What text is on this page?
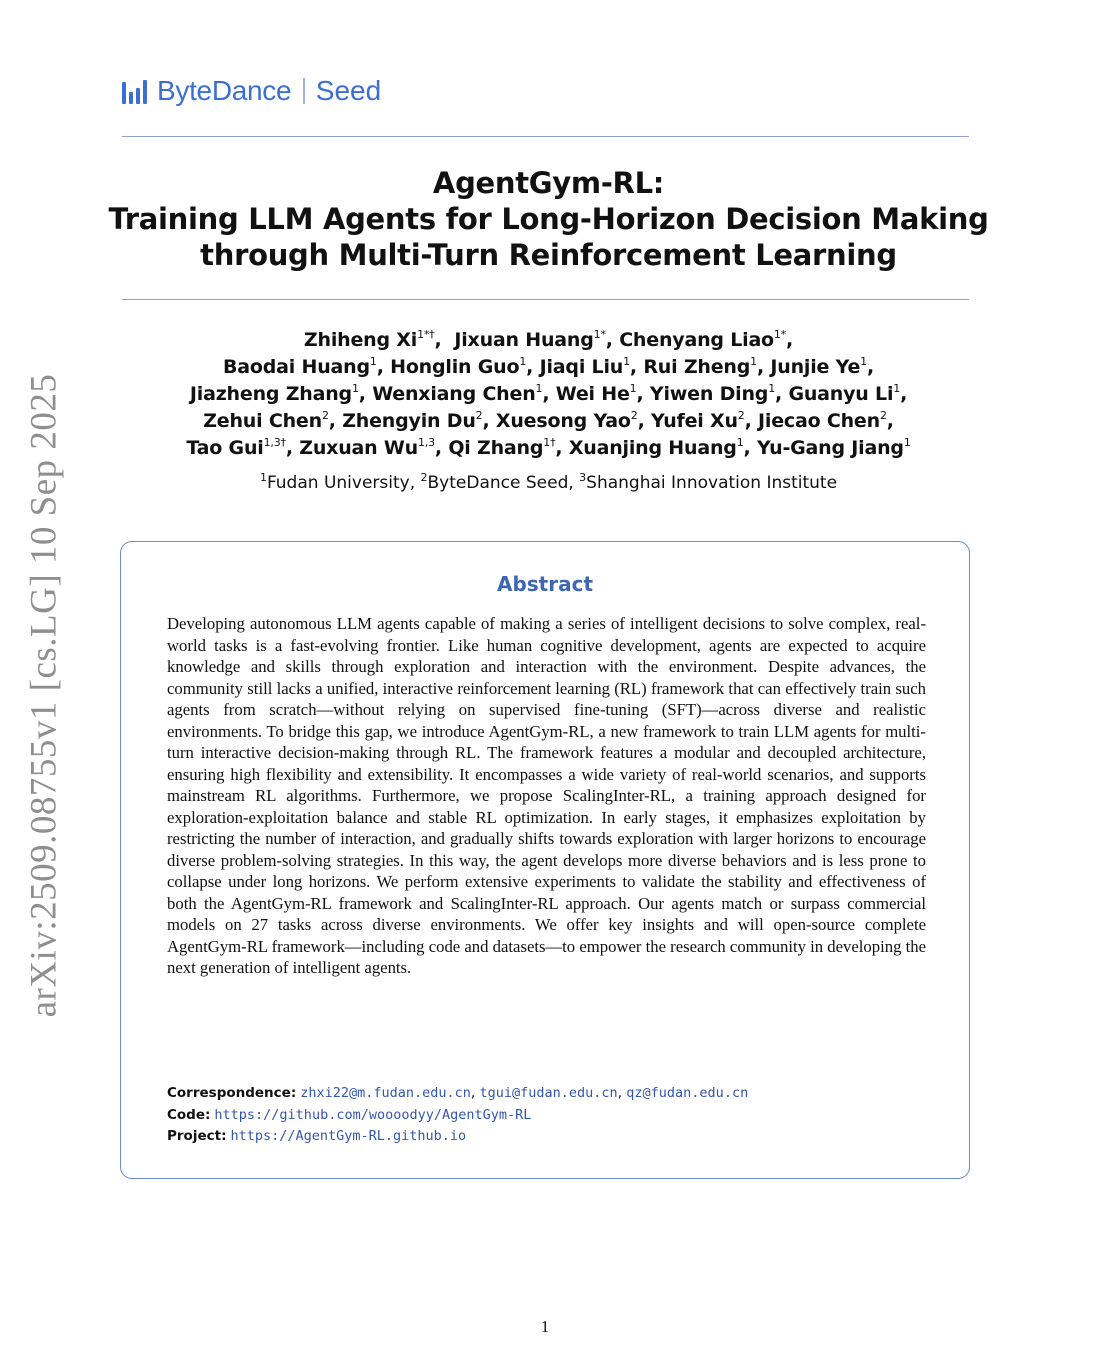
arXiv:2509.08755v1 [cs.LG] 10 Sep 2025
ByteDance Seed
AgentGym-RL:
Training LLM Agents for Long-Horizon Decision Making
through Multi-Turn Reinforcement Learning
Zhiheng $Xi^{1*\dagger}$,  Jixuan Huang$^{1*}$, Chenyang Liao$^{1*}$,
Baodai Huang$^1$, Honglin Guo$^1$, Jiaqi Liu$^1$, Rui Zheng$^1$, Junjie Ye$^1$,
Jiazheng Zhang$^1$, Wenxiang Chen$^1$, Wei He$^1$, Yiwen Ding$^1$, Guanyu Li$^1$,
Zehui Chen$^2$, Zhengyin Du$^2$, Xuesong Yao$^2$, Yufei Xu$^2$, Jiecao Chen$^2$,
Tao Gui$^{1,3\dagger}$, Zuxuan Wu$^{1,3}$, Qi Zhang$^{1\dagger}$, Xuanjing Huang$^1$, Yu-Gang Jiang$^1$
$^1$Fudan University, $^2$ByteDance Seed, $^3$Shanghai Innovation Institute
Abstract
Developing autonomous LLM agents capable of making a series of intelligent decisions to solve complex, real-world tasks is a fast-evolving frontier. Like human cognitive development, agents are expected to acquire knowledge and skills through exploration and interaction with the environment. Despite advances, the community still lacks a unified, interactive reinforcement learning (RL) framework that can effectively train such agents from scratch—without relying on supervised fine-tuning (SFT)—across diverse and realistic environments. To bridge this gap, we introduce AgentGym-RL, a new framework to train LLM agents for multi-turn interactive decision-making through RL. The framework features a modular and decoupled architecture, ensuring high flexibility and extensibility. It encompasses a wide variety of real-world scenarios, and supports mainstream RL algorithms. Furthermore, we propose ScalingInter-RL, a training approach designed for exploration-exploitation balance and stable RL optimization. In early stages, it emphasizes exploitation by restricting the number of interaction, and gradually shifts towards exploration with larger horizons to encourage diverse problem-solving strategies. In this way, the agent develops more diverse behaviors and is less prone to collapse under long horizons. We perform extensive experiments to validate the stability and effectiveness of both the AgentGym-RL framework and ScalingInter-RL approach. Our agents match or surpass commercial models on 27 tasks across diverse environments. We offer key insights and will open-source complete AgentGym-RL framework—including code and datasets—to empower the research community in developing the next generation of intelligent agents.
Correspondence: zhxi22@m.fudan.edu.cn, tgui@fudan.edu.cn, qz@fudan.edu.cn
Code: https://github.com/woooodyy/AgentGym-RL
Project: https://AgentGym-RL.github.io
1
